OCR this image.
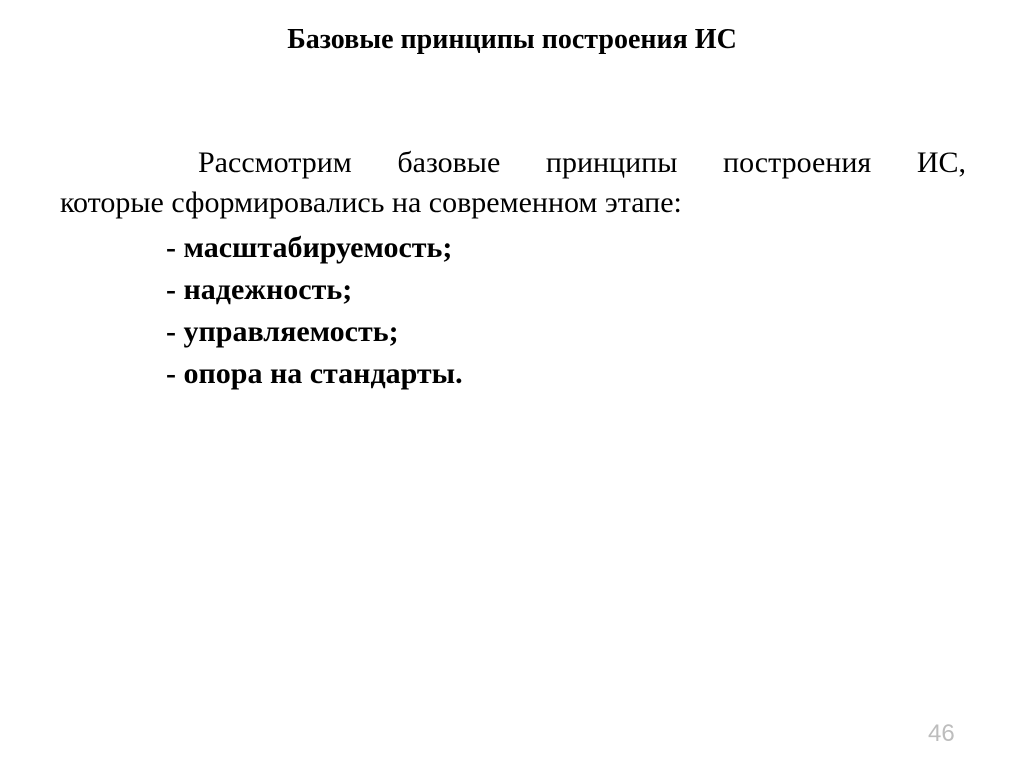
Базовые принципы построения ИС
Рассмотрим базовые принципы построения ИС,
которые сформировались на современном этапе:
- масштабируемость;
- надежность;
- управляемость;
- опора на стандарты.
46
